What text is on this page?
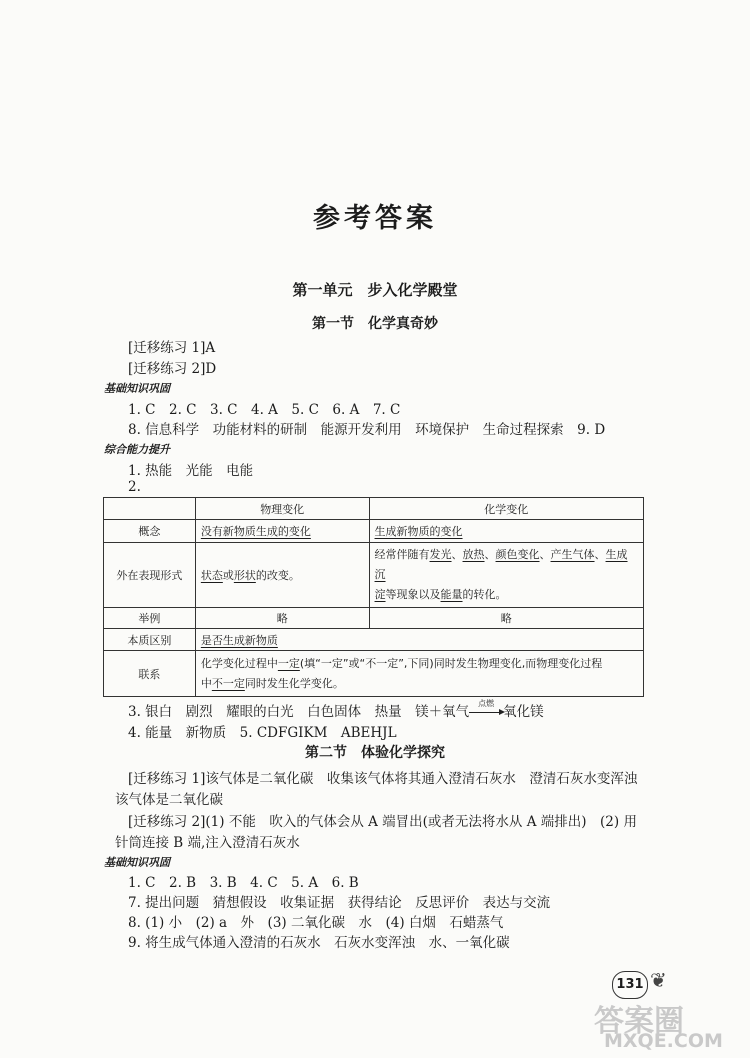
参考答案
第一单元　步入化学殿堂
第一节　化学真奇妙
[迁移练习 1]A
[迁移练习 2]D
基础知识巩固
1. C　2. C　3. C　4. A　5. C　6. A　7. C
8. 信息科学　功能材料的研制　能源开发利用　环境保护　生命过程探索　9. D
综合能力提升
1. 热能　光能　电能
2.
	物理变化	化学变化
概念	没有新物质生成的变化	生成新物质的变化
外在表现形式	状态或形状的改变。	经常伴随有发光、放热、颜色变化、产生气体、生成沉
淀等现象以及能量的转化。
举例	略	略
本质区别	是否生成新物质	
联系	化学变化过程中一定(填“一定”或“不一定”,下同)同时发生物理变化,而物理变化过程
中不一定同时发生化学变化。	
3. 银白　剧烈　耀眼的白光　白色固体　热量　镁＋氧气
点燃
氧化镁
4. 能量　新物质　5. CDFGIKM　ABEHJL
第二节　体验化学探究
[迁移练习 1]该气体是二氧化碳　收集该气体将其通入澄清石灰水　澄清石灰水变浑浊
该气体是二氧化碳
[迁移练习 2](1) 不能　吹入的气体会从 A 端冒出(或者无法将水从 A 端排出)　(2) 用
针筒连接 B 端,注入澄清石灰水
基础知识巩固
1. C　2. B　3. B　4. C　5. A　6. B
7. 提出问题　猜想假设　收集证据　获得结论　反思评价　表达与交流
8. (1) 小　(2) a　外　(3) 二氧化碳　水　(4) 白烟　石蜡蒸气
9. 将生成气体通入澄清的石灰水　石灰水变浑浊　水、一氧化碳
131 ❦
答案圈
MXQE.COM
